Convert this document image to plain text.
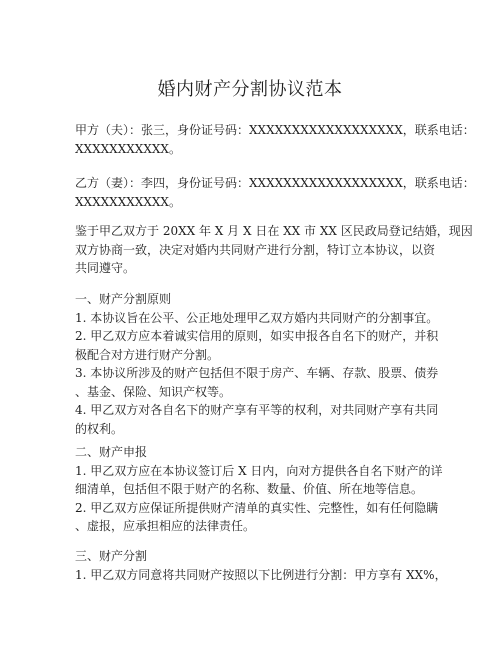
婚内财产分割协议范本
甲方（夫）：张三，身份证号码：XXXXXXXXXXXXXXXXXX，联系电话：
XXXXXXXXXXX。
乙方（妻）：李四，身份证号码：XXXXXXXXXXXXXXXXXX，联系电话：
XXXXXXXXXXX。
鉴于甲乙双方于 20XX 年 X 月 X 日在 XX 市 XX 区民政局登记结婚，现因
双方协商一致，决定对婚内共同财产进行分割，特订立本协议，以资
共同遵守。
一、财产分割原则
1. 本协议旨在公平、公正地处理甲乙双方婚内共同财产的分割事宜。
2. 甲乙双方应本着诚实信用的原则，如实申报各自名下的财产，并积
极配合对方进行财产分割。
3. 本协议所涉及的财产包括但不限于房产、车辆、存款、股票、债券
、基金、保险、知识产权等。
4. 甲乙双方对各自名下的财产享有平等的权利，对共同财产享有共同
的权利。
二、财产申报
1. 甲乙双方应在本协议签订后 X 日内，向对方提供各自名下财产的详
细清单，包括但不限于财产的名称、数量、价值、所在地等信息。
2. 甲乙双方应保证所提供财产清单的真实性、完整性，如有任何隐瞒
、虚报，应承担相应的法律责任。
三、财产分割
1. 甲乙双方同意将共同财产按照以下比例进行分割：甲方享有 XX%，
